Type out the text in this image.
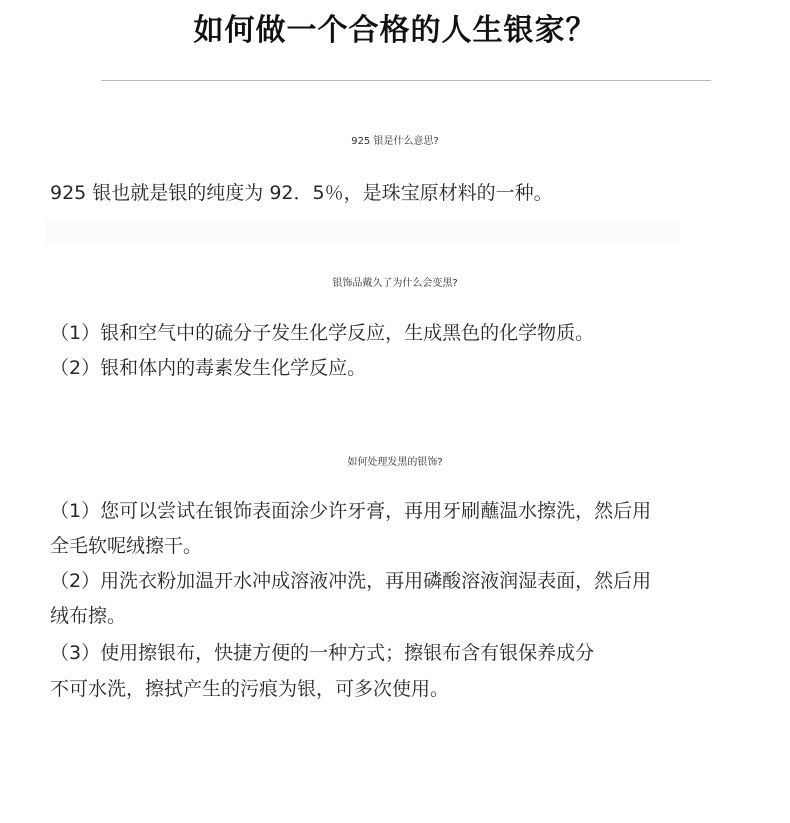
如何做一个合格的人生银家？
925 银是什么意思?
925 银也就是银的纯度为 92．5％，是珠宝原材料的一种。
银饰品戴久了为什么会变黑?
（1）银和空气中的硫分子发生化学反应，生成黑色的化学物质。
（2）银和体内的毒素发生化学反应。
如何处理发黑的银饰?
（1）您可以尝试在银饰表面涂少许牙膏，再用牙刷蘸温水擦洗，然后用
全毛软呢绒擦干。
（2）用洗衣粉加温开水冲成溶液冲洗，再用磷酸溶液润湿表面，然后用
绒布擦。
（3）使用擦银布，快捷方便的一种方式；擦银布含有银保养成分
不可水洗，擦拭产生的污痕为银，可多次使用。
